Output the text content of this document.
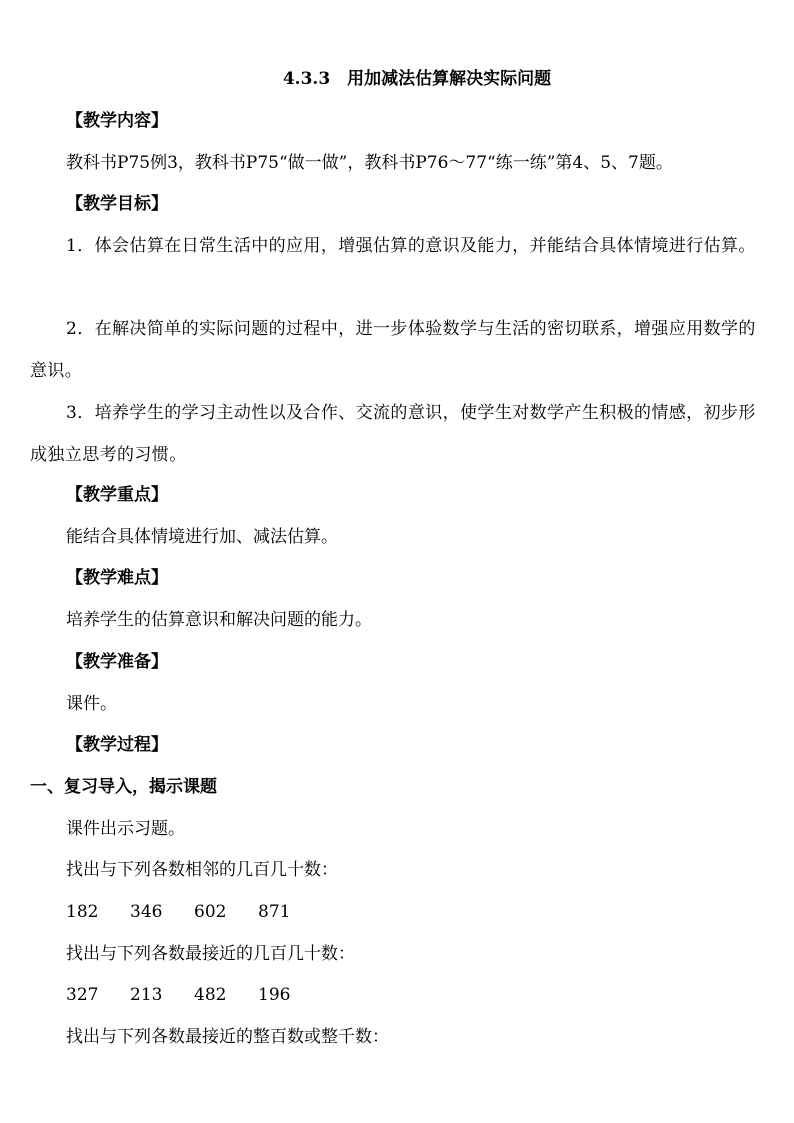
4.3.3　用加减法估算解决实际问题
【教学内容】
教科书P75例3，教科书P75“做一做”，教科书P76～77“练一练”第4、5、7题。
【教学目标】
1．体会估算在日常生活中的应用，增强估算的意识及能力，并能结合具体情境进行估算。
2．在解决简单的实际问题的过程中，进一步体验数学与生活的密切联系，增强应用数学的意识。
3．培养学生的学习主动性以及合作、交流的意识，使学生对数学产生积极的情感，初步形成独立思考的习惯。
【教学重点】
能结合具体情境进行加、减法估算。
【教学难点】
培养学生的估算意识和解决问题的能力。
【教学准备】
课件。
【教学过程】
一、复习导入，揭示课题
课件出示习题。
找出与下列各数相邻的几百几十数：
182 346 602 871
找出与下列各数最接近的几百几十数：
327 213 482 196
找出与下列各数最接近的整百数或整千数：
